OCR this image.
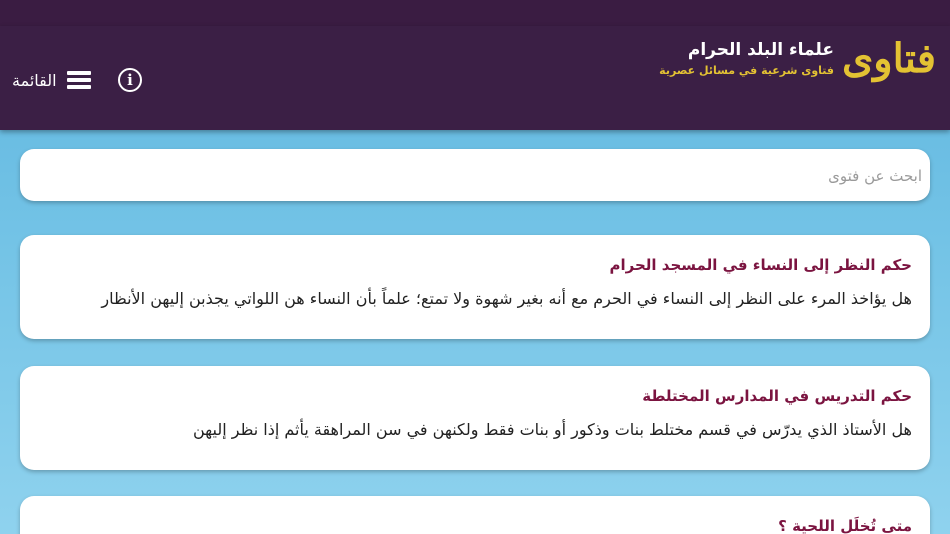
القائمة	i	فتاوى
علماء البلد الحرام
فتاوى شرعية في مسائل عصرية
ابحث عن فتوى
حكم النظر إلى النساء في المسجد الحرام
هل يؤاخذ المرء على النظر إلى النساء في الحرم مع أنه بغير شهوة ولا تمتع؛ علماً بأن النساء هن اللواتي يجذبن إليهن الأنظار
حكم التدريس في المدارس المختلطة
هل الأستاذ الذي يدرّس في قسم مختلط بنات وذكور أو بنات فقط ولكنهن في سن المراهقة يأثم إذا نظر إليهن
متى تُخلَل اللحية ؟
